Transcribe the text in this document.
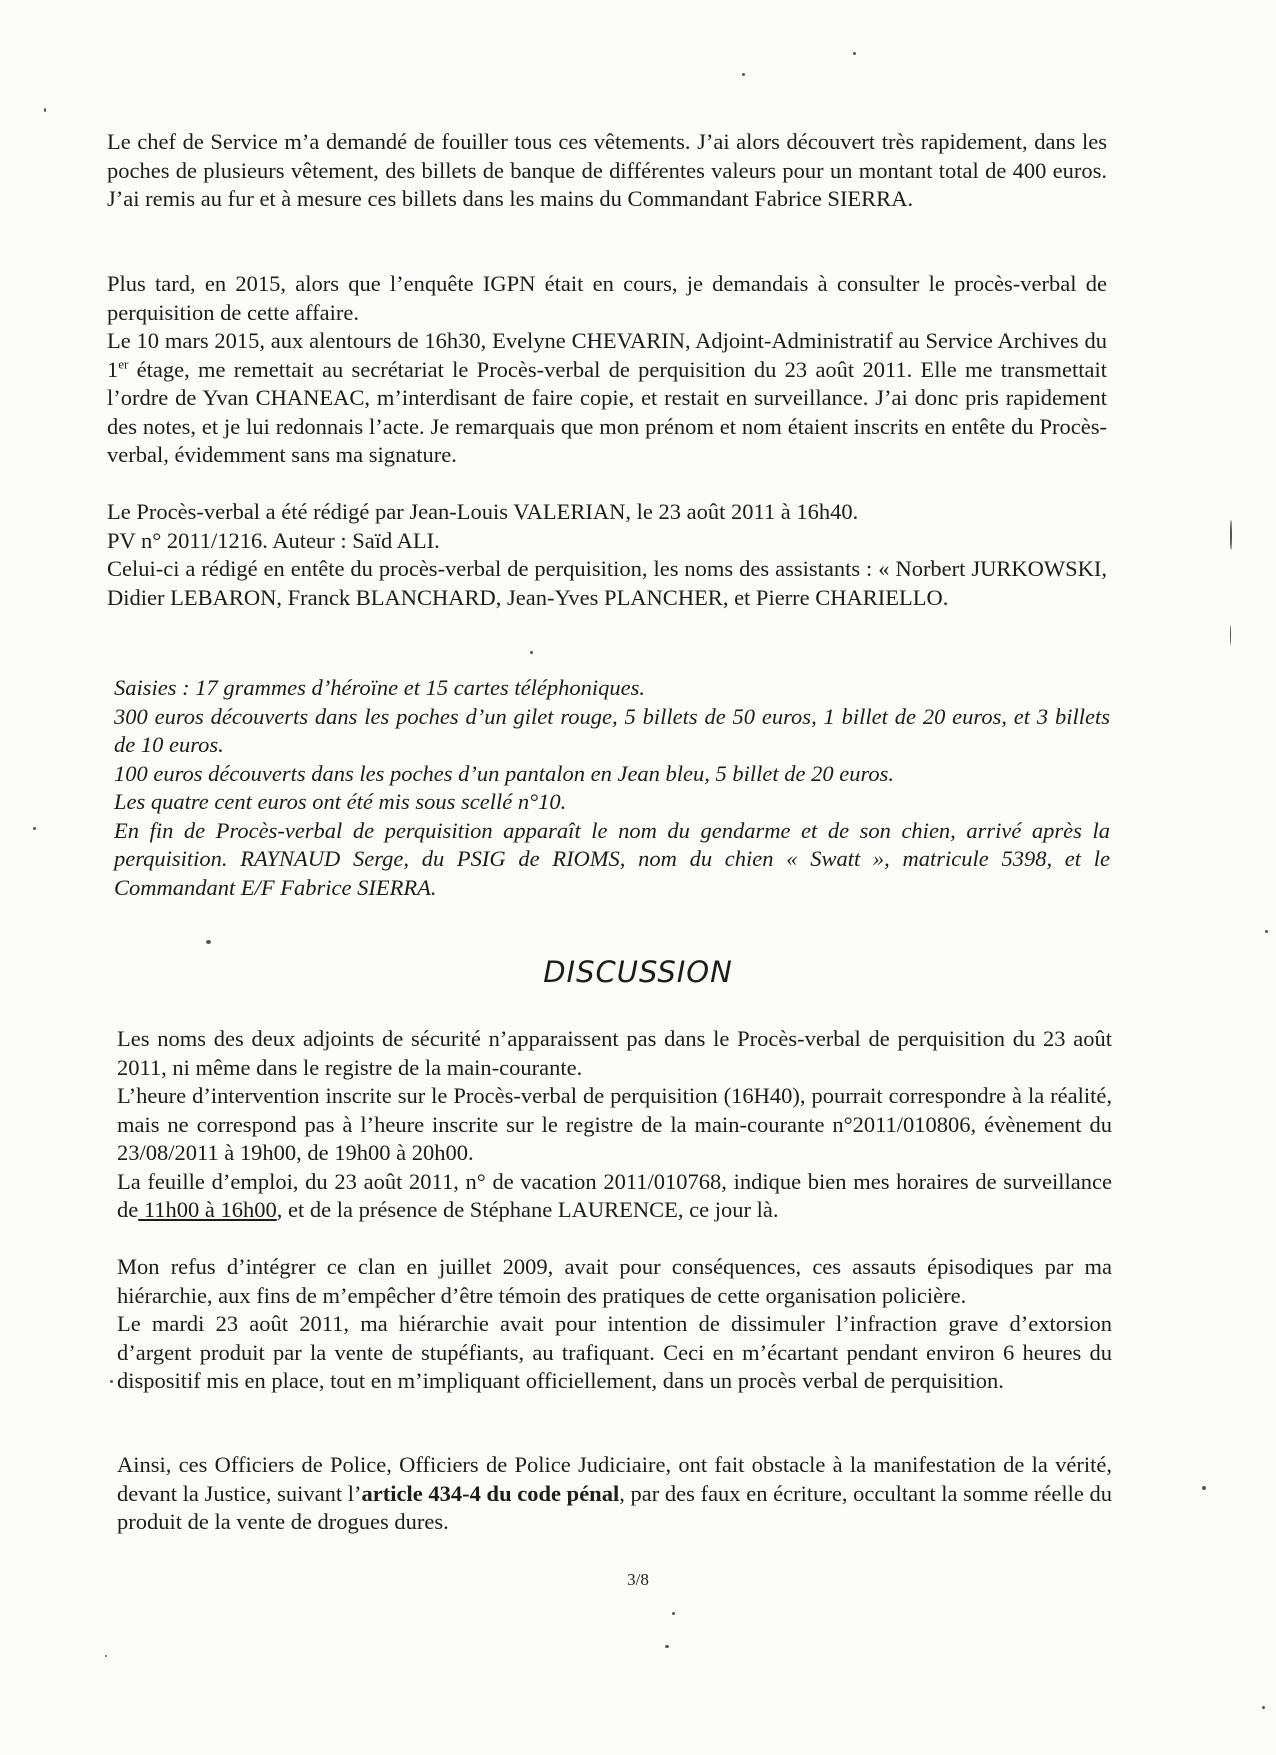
Le chef de Service m’a demandé de fouiller tous ces vêtements. J’ai alors découvert très rapidement, dans les poches de plusieurs vêtement, des billets de banque de différentes valeurs pour un montant total de 400 euros. J’ai remis au fur et à mesure ces billets dans les mains du Commandant Fabrice SIERRA.

Plus tard, en 2015, alors que l’enquête IGPN était en cours, je demandais à consulter le procès-verbal de perquisition de cette affaire.

Le 10 mars 2015, aux alentours de 16h30, Evelyne CHEVARIN, Adjoint-Administratif au Service Archives du 1er étage, me remettait au secrétariat le Procès-verbal de perquisition du 23 août 2011. Elle me transmettait l’ordre de Yvan CHANEAC, m’interdisant de faire copie, et restait en surveillance. J’ai donc pris rapidement des notes, et je lui redonnais l’acte. Je remarquais que mon prénom et nom étaient inscrits en entête du Procès-verbal, évidemment sans ma signature.

Le Procès-verbal a été rédigé par Jean-Louis VALERIAN, le 23 août 2011 à 16h40.

PV n° 2011/1216. Auteur : Saïd ALI.

Celui-ci a rédigé en entête du procès-verbal de perquisition, les noms des assistants : « Norbert JURKOWSKI, Didier LEBARON, Franck BLANCHARD, Jean-Yves PLANCHER, et Pierre CHARIELLO.

Saisies : 17 grammes d’héroïne et 15 cartes téléphoniques.

300 euros découverts dans les poches d’un gilet rouge, 5 billets de 50 euros, 1 billet de 20 euros, et 3 billets de 10 euros.

100 euros découverts dans les poches d’un pantalon en Jean bleu, 5 billet de 20 euros.

Les quatre cent euros ont été mis sous scellé n°10.

En fin de Procès-verbal de perquisition apparaît le nom du gendarme et de son chien, arrivé après la perquisition. RAYNAUD Serge, du PSIG de RIOMS, nom du chien « Swatt », matricule 5398, et le Commandant E/F Fabrice SIERRA.

DISCUSSION

Les noms des deux adjoints de sécurité n’apparaissent pas dans le Procès-verbal de perquisition du 23 août 2011, ni même dans le registre de la main-courante.

L’heure d’intervention inscrite sur le Procès-verbal de perquisition (16H40), pourrait correspondre à la réalité, mais ne correspond pas à l’heure inscrite sur le registre de la main-courante n°2011/010806, évènement du 23/08/2011 à 19h00, de 19h00 à 20h00.

La feuille d’emploi, du 23 août 2011, n° de vacation 2011/010768, indique bien mes horaires de surveillance de 11h00 à 16h00, et de la présence de Stéphane LAURENCE, ce jour là.

Mon refus d’intégrer ce clan en juillet 2009, avait pour conséquences, ces assauts épisodiques par ma hiérarchie, aux fins de m’empêcher d’être témoin des pratiques de cette organisation policière.

Le mardi 23 août 2011, ma hiérarchie avait pour intention de dissimuler l’infraction grave d’extorsion d’argent produit par la vente de stupéfiants, au trafiquant. Ceci en m’écartant pendant environ 6 heures du dispositif mis en place, tout en m’impliquant officiellement, dans un procès verbal de perquisition.

Ainsi, ces Officiers de Police, Officiers de Police Judiciaire, ont fait obstacle à la manifestation de la vérité, devant la Justice, suivant l’article 434-4 du code pénal, par des faux en écriture, occultant la somme réelle du produit de la vente de drogues dures.

3/8
